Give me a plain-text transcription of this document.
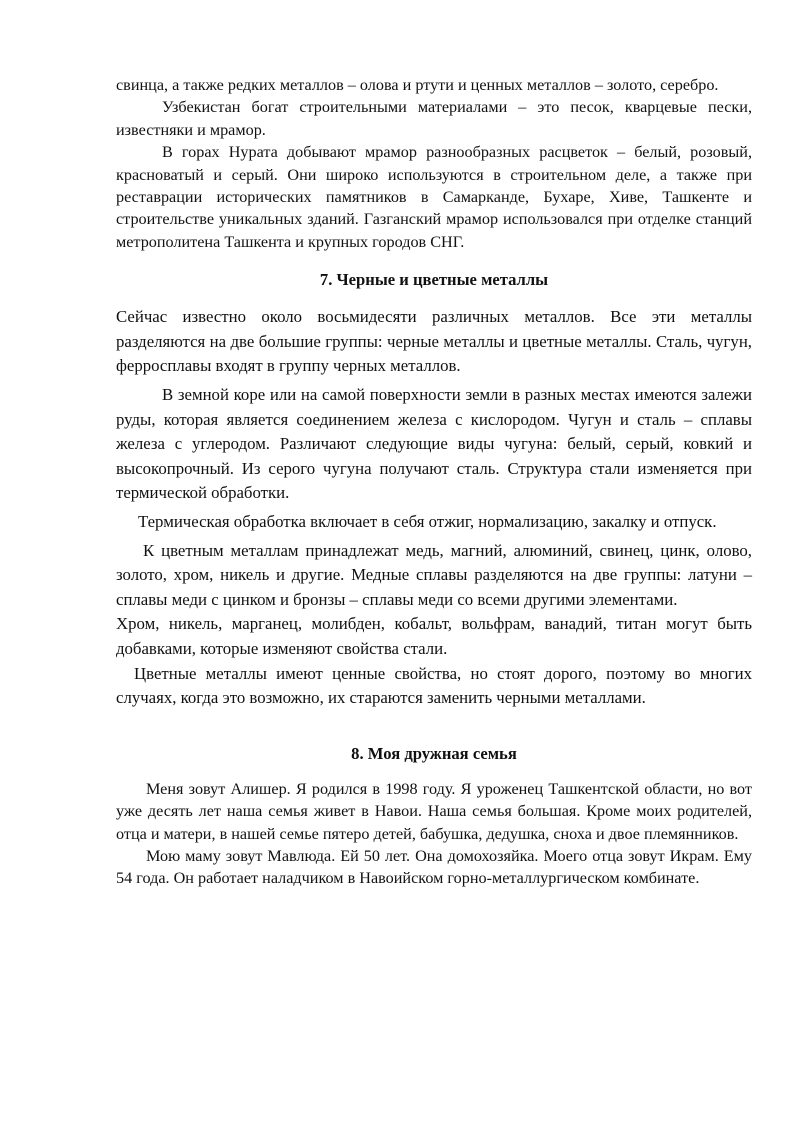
свинца, а также редких металлов – олова и ртути и ценных металлов – золото, серебро.

Узбекистан богат строительными материалами – это песок, кварцевые пески, известняки и мрамор.

В горах Нурата добывают мрамор разнообразных расцветок – белый, розовый, красноватый и серый. Они широко используются в строительном деле, а также при реставрации исторических памятников в Самарканде, Бухаре, Хиве, Ташкенте и строительстве уникальных зданий. Газганский мрамор использовался при отделке станций метрополитена Ташкента и крупных городов СНГ.

7. Черные и цветные металлы

Сейчас известно около восьмидесяти различных металлов. Все эти металлы разделяются на две большие группы: черные металлы и цветные металлы. Сталь, чугун, ферросплавы входят в группу черных металлов.

В земной коре или на самой поверхности земли в разных местах имеются залежи руды, которая является соединением железа с кислородом. Чугун и сталь – сплавы железа с углеродом. Различают следующие виды чугуна: белый, серый, ковкий и высокопрочный. Из серого чугуна получают сталь. Структура стали изменяется при термической обработки.

Термическая обработка включает в себя отжиг, нормализацию, закалку и отпуск.

К цветным металлам принадлежат медь, магний, алюминий, свинец, цинк, олово, золото, хром, никель и другие. Медные сплавы разделяются на две группы: латуни – сплавы меди с цинком и бронзы – сплавы меди со всеми другими элементами.

Хром, никель, марганец, молибден, кобальт, вольфрам, ванадий, титан могут быть добавками, которые изменяют свойства стали.

Цветные металлы имеют ценные свойства, но стоят дорого, поэтому во многих случаях, когда это возможно, их стараются заменить черными металлами.

8. Моя дружная семья

Меня зовут Алишер. Я родился в 1998 году. Я уроженец Ташкентской области, но вот уже десять лет наша семья живет в Навои. Наша семья большая. Кроме моих родителей, отца и матери, в нашей семье пятеро детей, бабушка, дедушка, сноха и двое племянников.

Мою маму зовут Мавлюда. Ей 50 лет. Она домохозяйка. Моего отца зовут Икрам. Ему 54 года. Он работает наладчиком в Навоийском горно-металлургическом комбинате.
